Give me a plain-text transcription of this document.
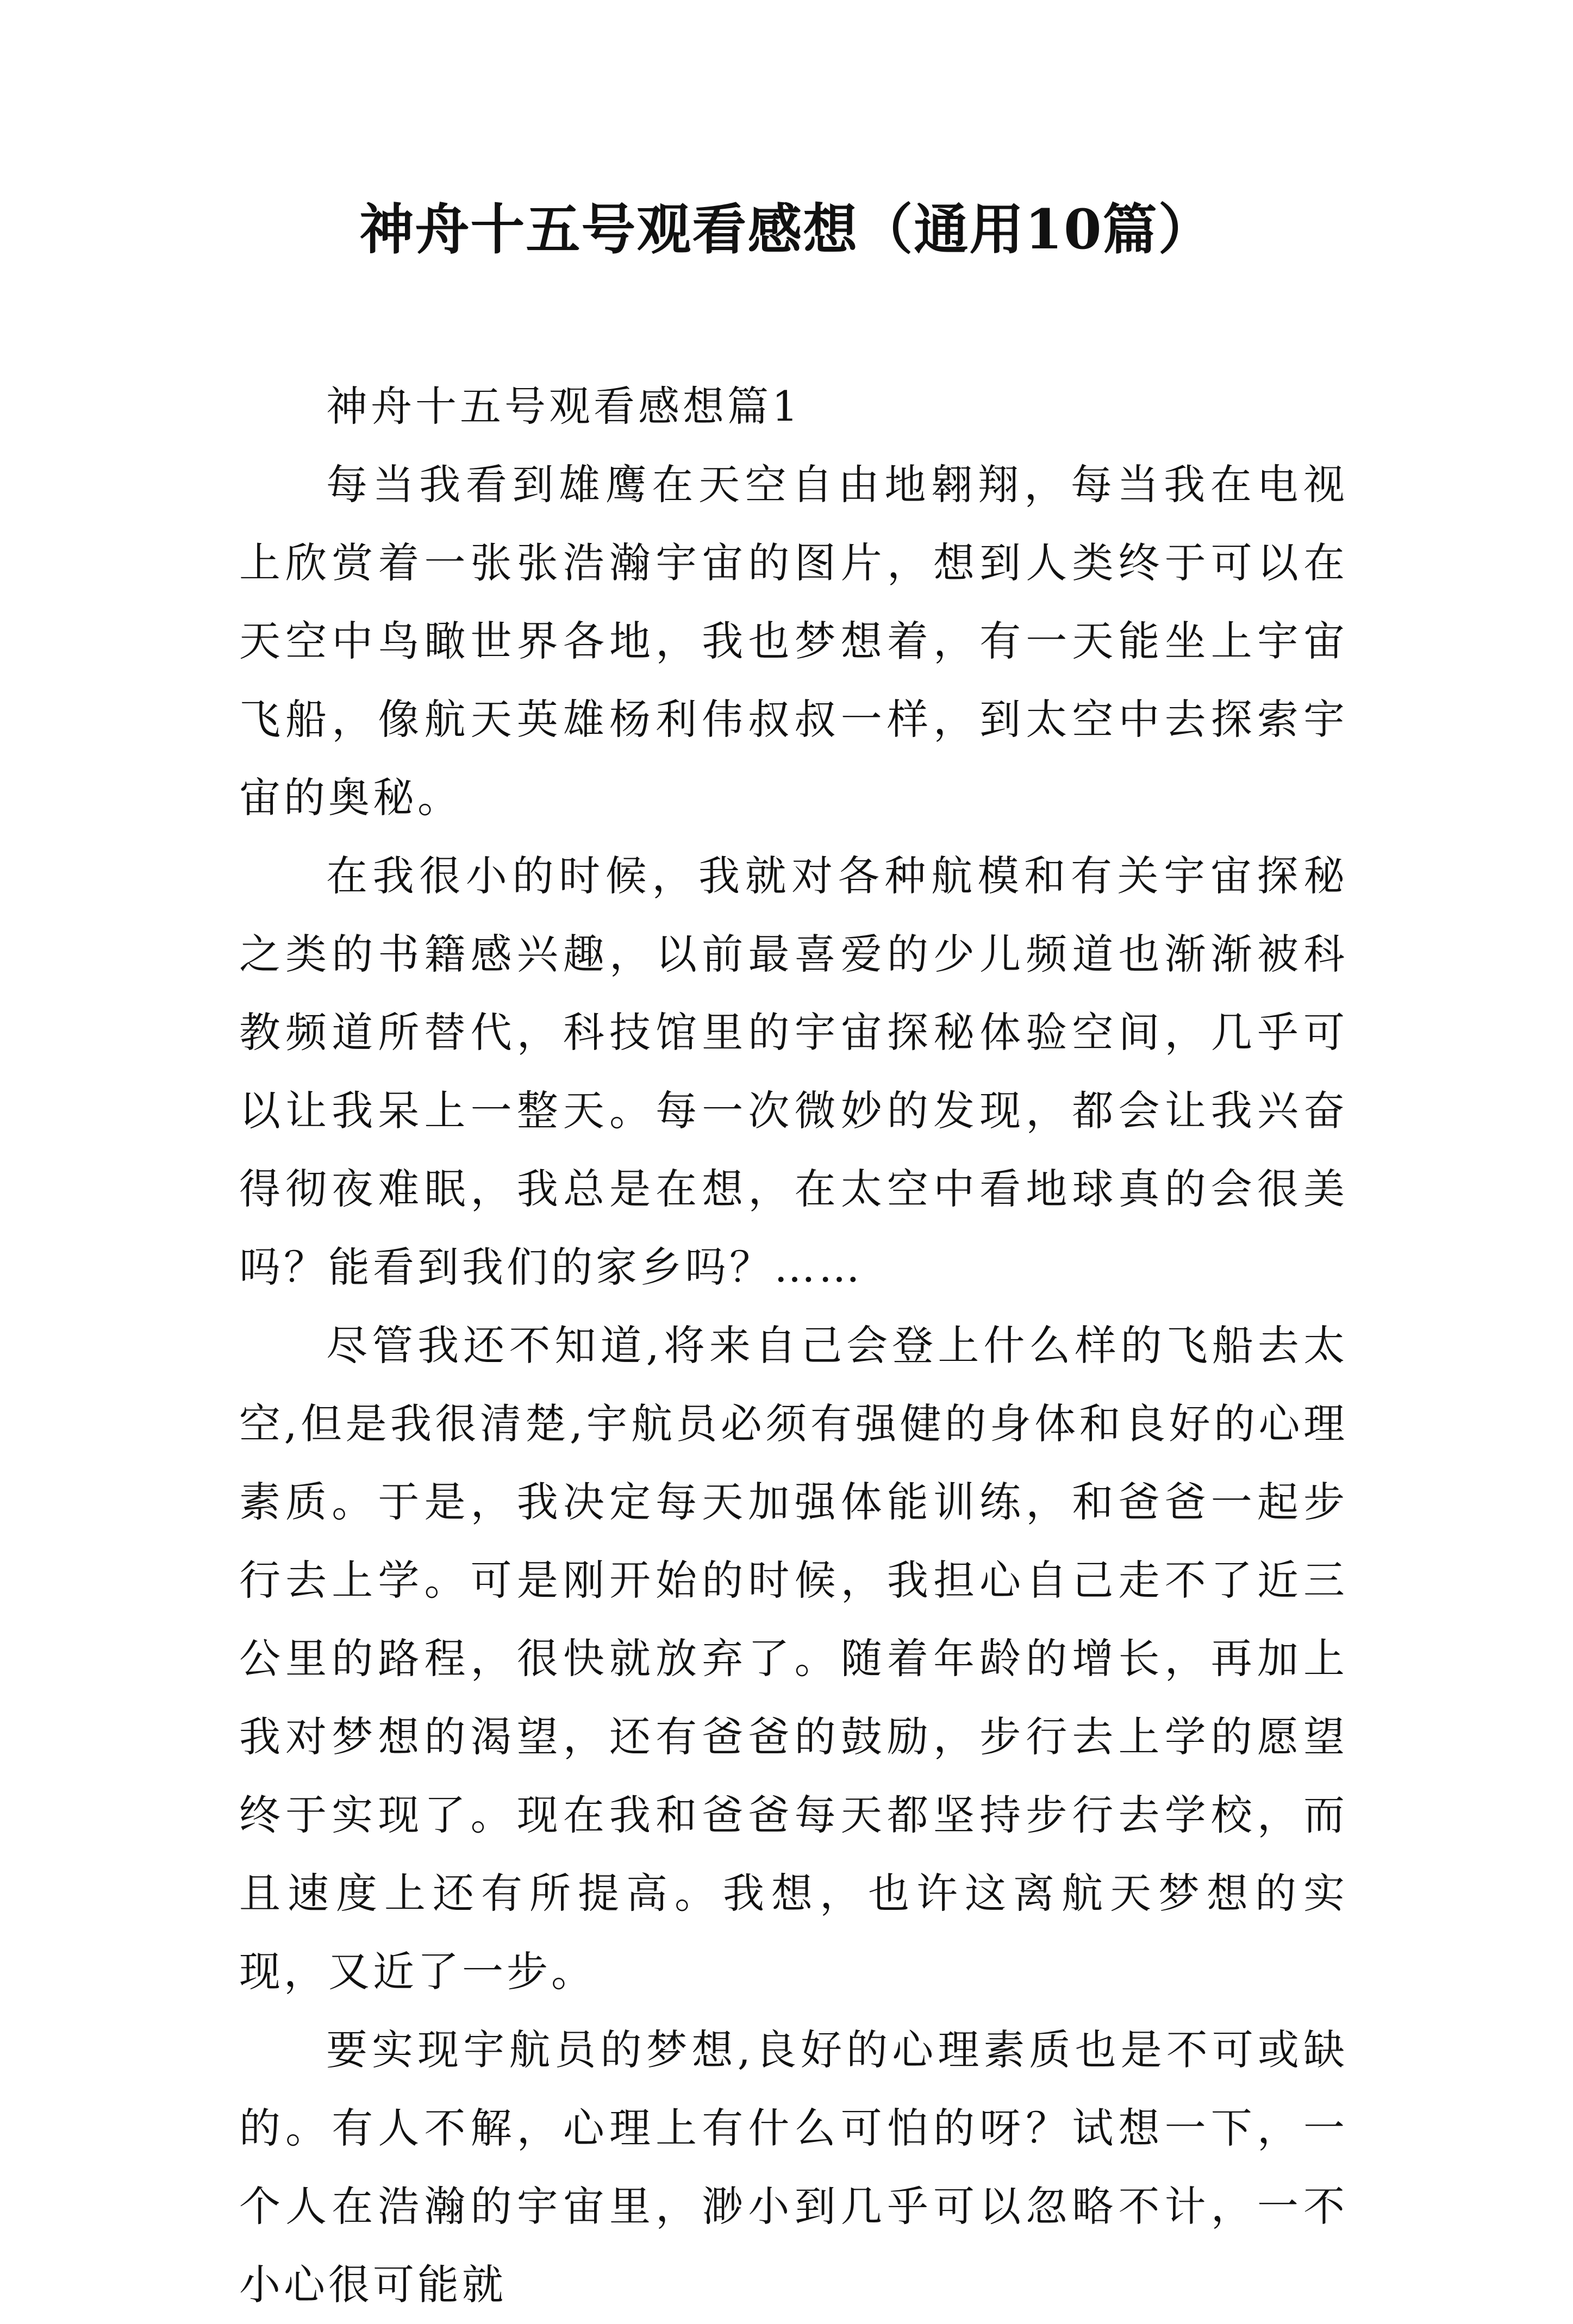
神舟十五号观看感想（通用10篇）

神舟十五号观看感想篇1

每当我看到雄鹰在天空自由地翱翔，每当我在电视上欣赏着一张张浩瀚宇宙的图片，想到人类终于可以在天空中鸟瞰世界各地，我也梦想着，有一天能坐上宇宙飞船，像航天英雄杨利伟叔叔一样，到太空中去探索宇宙的奥秘。

在我很小的时候，我就对各种航模和有关宇宙探秘之类的书籍感兴趣，以前最喜爱的少儿频道也渐渐被科教频道所替代，科技馆里的宇宙探秘体验空间，几乎可以让我呆上一整天。每一次微妙的发现，都会让我兴奋得彻夜难眠，我总是在想，在太空中看地球真的会很美吗？能看到我们的家乡吗？……

尽管我还不知道,将来自己会登上什么样的飞船去太空,但是我很清楚,宇航员必须有强健的身体和良好的心理素质。于是，我决定每天加强体能训练，和爸爸一起步行去上学。可是刚开始的时候，我担心自己走不了近三公里的路程，很快就放弃了。随着年龄的增长，再加上我对梦想的渴望，还有爸爸的鼓励，步行去上学的愿望终于实现了。现在我和爸爸每天都坚持步行去学校，而且速度上还有所提高。我想，也许这离航天梦想的实现，又近了一步。

要实现宇航员的梦想,良好的心理素质也是不可或缺的。有人不解，心理上有什么可怕的呀？试想一下，一个人在浩瀚的宇宙里，渺小到几乎可以忽略不计，一不小心很可能就
